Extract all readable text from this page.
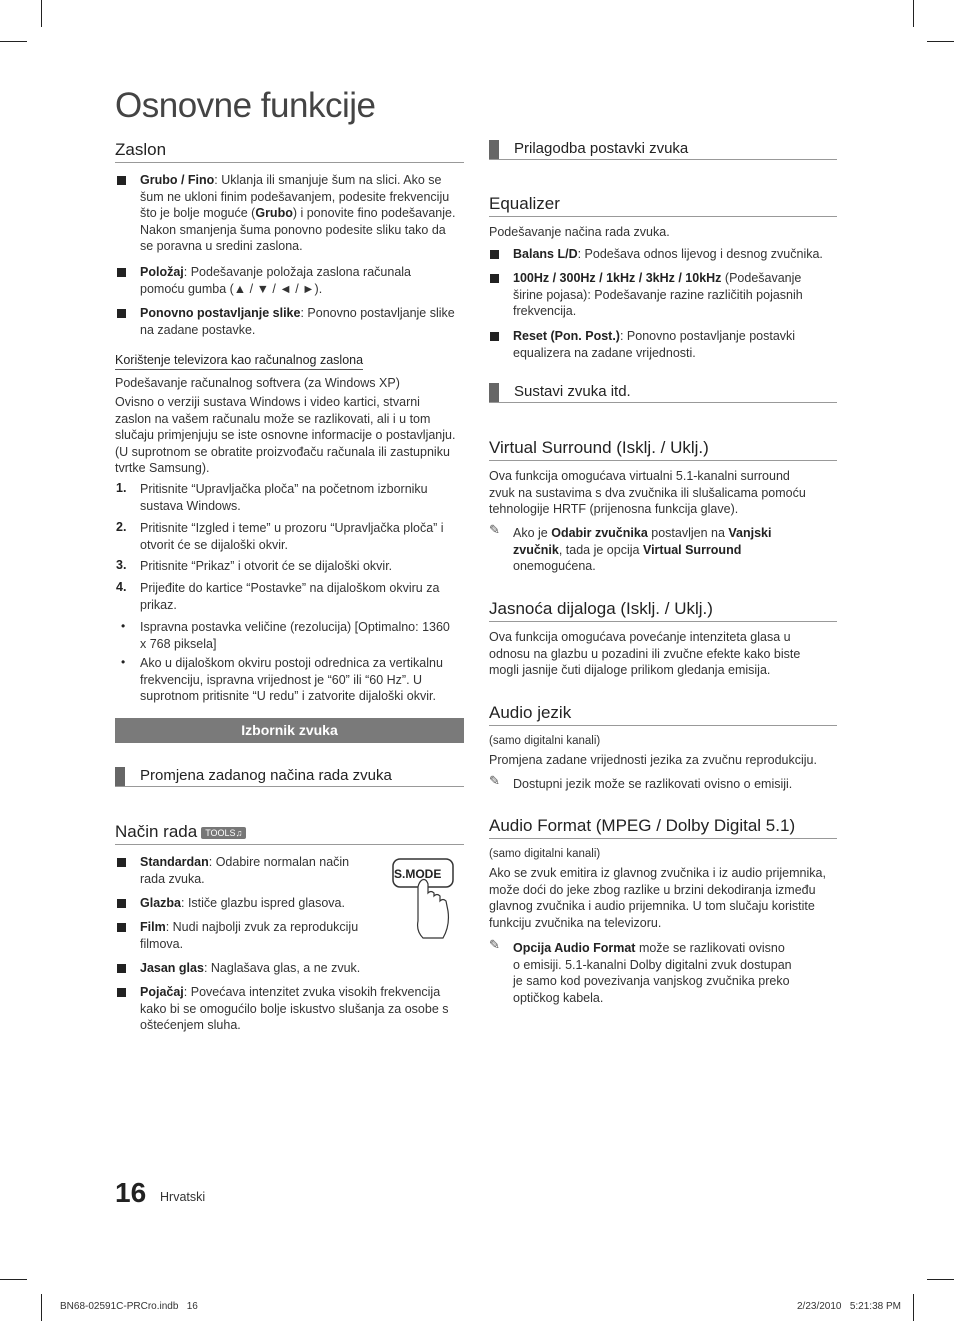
Osnovne funkcije
Zaslon
Grubo / Fino: Uklanja ili smanjuje šum na slici. Ako se
šum ne ukloni finim podešavanjem, podesite frekvenciju
što je bolje moguće (Grubo) i ponovite fino podešavanje.
Nakon smanjenja šuma ponovno podesite sliku tako da
se poravna u sredini zaslona.
Položaj: Podešavanje položaja zaslona računala
pomoću gumba (▲ / ▼ / ◄ / ►).
Ponovno postavljanje slike: Ponovno postavljanje slike
na zadane postavke.
Korištenje televizora kao računalnog zaslona
Podešavanje računalnog softvera (za Windows XP)
Ovisno o verziji sustava Windows i video kartici, stvarni
zaslon na vašem računalu može se razlikovati, ali i u tom
slučaju primjenjuju se iste osnovne informacije o postavljanju.
(U suprotnom se obratite proizvođaču računala ili zastupniku
tvrtke Samsung).
1. Pritisnite “Upravljačka ploča” na početnom izborniku
sustava Windows.
2. Pritisnite “Izgled i teme” u prozoru “Upravljačka ploča” i
otvorit će se dijaloški okvir.
3. Pritisnite “Prikaz” i otvorit će se dijaloški okvir.
4. Prijeđite do kartice “Postavke” na dijaloškom okviru za
prikaz.
• Ispravna postavka veličine (rezolucija) [Optimalno: 1360
x 768 piksela]
• Ako u dijaloškom okviru postoji odrednica za vertikalnu
frekvenciju, ispravna vrijednost je “60” ili “60 Hz”. U
suprotnom pritisnite “U redu” i zatvorite dijaloški okvir.
Izbornik zvuka
Promjena zadanog načina rada zvuka
Način rada TOOLS♫
S.MODE
Standardan: Odabire normalan način
rada zvuka.
Glazba: Ističe glazbu ispred glasova.
Film: Nudi najbolji zvuk za reprodukciju
filmova.
Jasan glas: Naglašava glas, a ne zvuk.
Pojačaj: Povećava intenzitet zvuka visokih frekvencija
kako bi se omogućilo bolje iskustvo slušanja za osobe s
oštećenjem sluha.
Prilagodba postavki zvuka
Equalizer
Podešavanje načina rada zvuka.
Balans L/D: Podešava odnos lijevog i desnog zvučnika.
100Hz / 300Hz / 1kHz / 3kHz / 10kHz (Podešavanje
širine pojasa): Podešavanje razine različitih pojasnih
frekvencija.
Reset (Pon. Post.): Ponovno postavljanje postavki
equalizera na zadane vrijednosti.
Sustavi zvuka itd.
Virtual Surround (Isklj. / Uklj.)
Ova funkcija omogućava virtualni 5.1-kanalni surround
zvuk na sustavima s dva zvučnika ili slušalicama pomoću
tehnologije HRTF (prijenosna funkcija glave).
✎ Ako je Odabir zvučnika postavljen na Vanjski
zvučnik, tada je opcija Virtual Surround
onemogućena.
Jasnoća dijaloga (Isklj. / Uklj.)
Ova funkcija omogućava povećanje intenziteta glasa u
odnosu na glazbu u pozadini ili zvučne efekte kako biste
mogli jasnije čuti dijaloge prilikom gledanja emisija.
Audio jezik
(samo digitalni kanali)
Promjena zadane vrijednosti jezika za zvučnu reprodukciju.
✎ Dostupni jezik može se razlikovati ovisno o emisiji.
Audio Format (MPEG / Dolby Digital 5.1)
(samo digitalni kanali)
Ako se zvuk emitira iz glavnog zvučnika i iz audio prijemnika,
može doći do jeke zbog razlike u brzini dekodiranja između
glavnog zvučnika i audio prijemnika. U tom slučaju koristite
funkciju zvučnika na televizoru.
✎ Opcija Audio Format može se razlikovati ovisno
o emisiji. 5.1-kanalni Dolby digitalni zvuk dostupan
je samo kod povezivanja vanjskog zvučnika preko
optičkog kabela.
16 Hrvatski
BN68-02591C-PRCro.indb   16	2/23/2010   5:21:38 PM
